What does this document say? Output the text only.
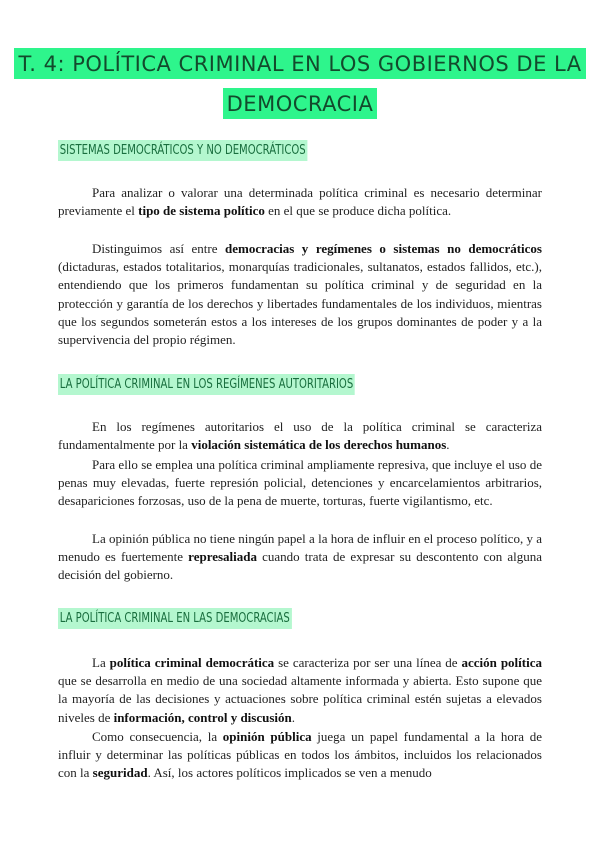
T. 4: POLÍTICA CRIMINAL EN LOS GOBIERNOS DE LA
DEMOCRACIA
SISTEMAS DEMOCRÁTICOS Y NO DEMOCRÁTICOS

Para analizar o valorar una determinada política criminal es necesario determinar previamente el tipo de sistema político en el que se produce dicha política.

Distinguimos así entre democracias y regímenes o sistemas no democráticos (dictaduras, estados totalitarios, monarquías tradicionales, sultanatos, estados fallidos, etc.), entendiendo que los primeros fundamentan su política criminal y de seguridad en la protección y garantía de los derechos y libertades fundamentales de los individuos, mientras que los segundos someterán estos a los intereses de los grupos dominantes de poder y a la supervivencia del propio régimen.

LA POLÍTICA CRIMINAL EN LOS REGÍMENES AUTORITARIOS

En los regímenes autoritarios el uso de la política criminal se caracteriza fundamentalmente por la violación sistemática de los derechos humanos.

Para ello se emplea una política criminal ampliamente represiva, que incluye el uso de penas muy elevadas, fuerte represión policial, detenciones y encarcelamientos arbitrarios, desapariciones forzosas, uso de la pena de muerte, torturas, fuerte vigilantismo, etc.

La opinión pública no tiene ningún papel a la hora de influir en el proceso político, y a menudo es fuertemente represaliada cuando trata de expresar su descontento con alguna decisión del gobierno.

LA POLÍTICA CRIMINAL EN LAS DEMOCRACIAS

La política criminal democrática se caracteriza por ser una línea de acción política que se desarrolla en medio de una sociedad altamente informada y abierta. Esto supone que la mayoría de las decisiones y actuaciones sobre política criminal estén sujetas a elevados niveles de información, control y discusión.

Como consecuencia, la opinión pública juega un papel fundamental a la hora de influir y determinar las políticas públicas en todos los ámbitos, incluidos los relacionados con la seguridad. Así, los actores políticos implicados se ven a menudo
